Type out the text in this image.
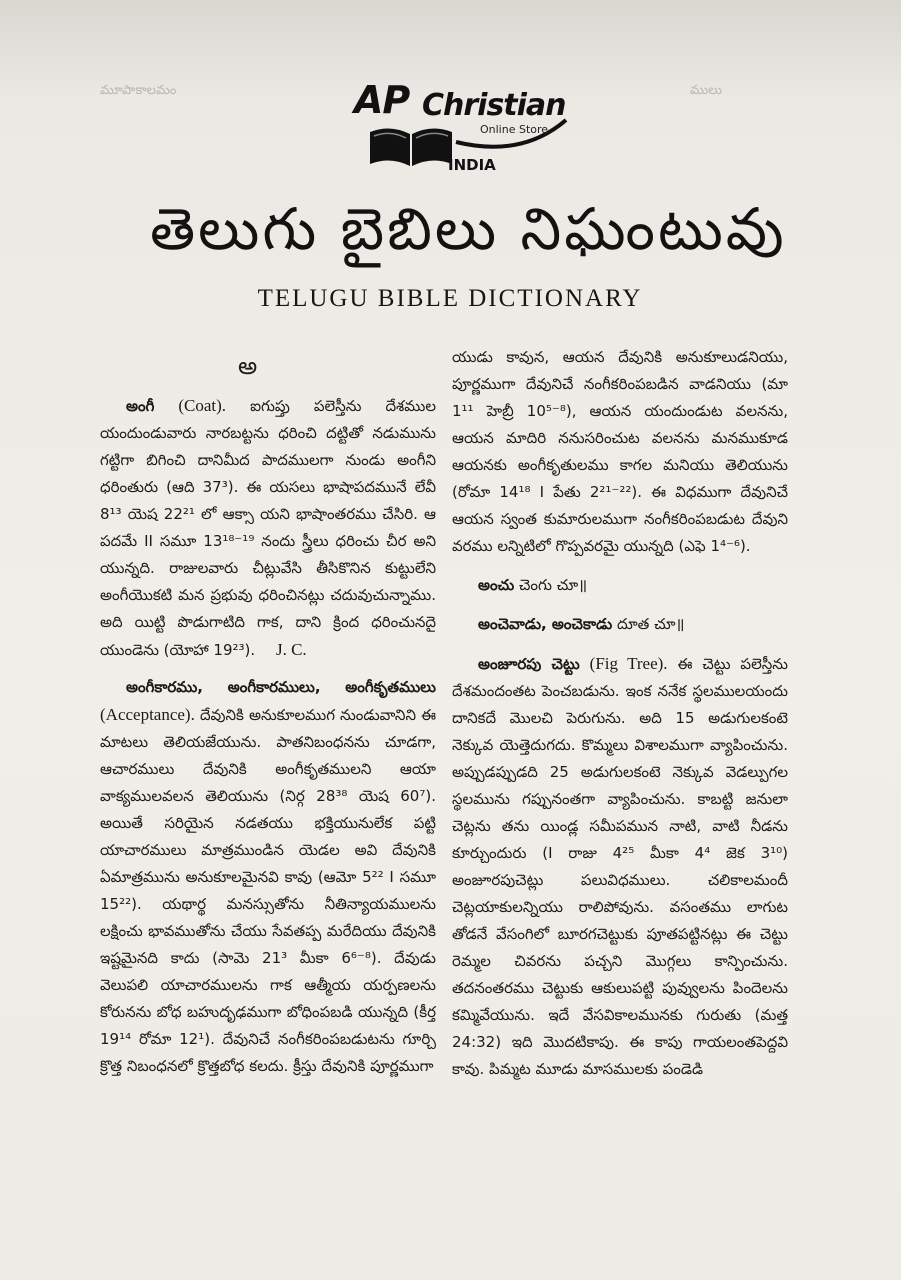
మూపాకాలమం	ములు
AP Christian
Online Store
INDIA
తెలుగు బైబిలు నిఘంటువు
TELUGU BIBLE DICTIONARY
అ

అంగీ (Coat). ఐగుప్తు పలెస్తీను దేశముల యందుండువారు నారబట్టను ధరించి దట్టితో నడుమును గట్టిగా బిగించి దానిమీద పాదములగా నుండు అంగీని ధరింతురు (ఆది 37³). ఈ యసలు భాషాపదమునే లేవీ 8¹³ యెష 22²¹ లో ఆక్సా యని భాషాంతరము చేసిరి. ఆ పదమే II సమూ 13¹⁸⁻¹⁹ నందు స్త్రీలు ధరించు చీర అని యున్నది. రాజులవారు చీట్లువేసి తీసికొనిన కుట్టులేని అంగీయొకటి మన ప్రభువు ధరించినట్లు చదువుచున్నాము. అది యిట్టి పొడుగాటిది గాక, దాని క్రింద ధరించునదై యుండెను (యోహా 19²³). J. C.

అంగీకారము, అంగీకారములు, అంగీకృతములు (Acceptance). దేవునికి అనుకూలముగ నుండువానిని ఈ మాటలు తెలియజేయును. పాతనిబంధనను చూడగా, ఆచారములు దేవునికి అంగీకృతములని ఆయా వాక్యములవలన తెలియును (నిర్గ 28³⁸ యెష 60⁷). అయితే సరియైన నడతయు భక్తియునులేక పట్టి యాచారములు మాత్రముండిన యెడల అవి దేవునికి ఏమాత్రమును అనుకూలమైనవి కావు (ఆమో 5²² I సమూ 15²²). యథార్థ మనస్సుతోను నీతిన్యాయములను లక్షించు భావముతోను చేయు సేవతప్ప మరేదియు దేవునికి ఇష్టమైనది కాదు (సామె 21³ మీకా 6⁶⁻⁸). దేవుడు వెలుపలి యాచారములను గాక ఆత్మీయ యర్పణలను కోరునను బోధ బహుదృఢముగా బోధింపబడి యున్నది (కీర్త 19¹⁴ రోమా 12¹). దేవునిచే నంగీకరింపబడుటను గూర్చి క్రొత్త నిబంధనలో క్రొత్తబోధ కలదు. క్రీస్తు దేవునికి పూర్ణముగా

యుడు కావున, ఆయన దేవునికి అనుకూలుడనియు, పూర్ణముగా దేవునిచే నంగీకరింపబడిన వాడనియు (మా 1¹¹ హెబ్రీ 10⁵⁻⁸), ఆయన యందుండుట వలనను, ఆయన మాదిరి ననుసరించుట వలనను మనముకూడ ఆయనకు అంగీకృతులము కాగల మనియు తెలియును (రోమా 14¹⁸ I పేతు 2²¹⁻²²). ఈ విధముగా దేవునిచే ఆయన స్వంత కుమారులముగా నంగీకరింపబడుట దేవుని వరము లన్నిటిలో గొప్పవరమై యున్నది (ఎఫె 1⁴⁻⁶).

అంచు చెంగు చూ॥

అంచెవాడు, అంచెకాడు దూత చూ॥

అంజూరపు చెట్టు (Fig Tree). ఈ చెట్టు పలెస్తీను దేశమందంతట పెంచబడును. ఇంక ననేక స్థలములయందు దానికదే మొలచి పెరుగును. అది 15 అడుగులకంటె నెక్కువ యెత్తెదుగదు. కొమ్మలు విశాలముగా వ్యాపించును. అప్పుడప్పుడది 25 అడుగులకంటె నెక్కువ వెడల్పుగల స్థలమును గప్పునంతగా వ్యాపించును. కాబట్టి జనులా చెట్లను తను యిండ్ల సమీపమున నాటి, వాటి నీడను కూర్చుందురు (I రాజు 4²⁵ మీకా 4⁴ జెక 3¹⁰) అంజూరపుచెట్లు పలువిధములు. చలికాలమందీ చెట్లయాకులన్నియు రాలిపోవును. వసంతము లాగుట తోడనే వేసంగిలో బూరగచెట్టుకు పూతపట్టినట్లు ఈ చెట్టు రెమ్మల చివరను పచ్చని మొగ్గలు కాన్పించును. తదనంతరము చెట్టుకు ఆకులుపట్టి పువ్వులను పిందెలను కమ్మివేయును. ఇదే వేసవికాలమునకు గురుతు (మత్త 24:32) ఇది మొదటికాపు. ఈ కాపు గాయలంతపెద్దవి కావు. పిమ్మట మూడు మాసములకు పండెడి
